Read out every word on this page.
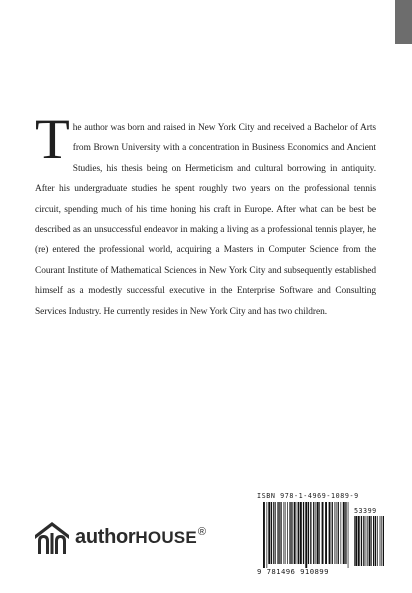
The author was born and raised in New York City and received a Bachelor of Arts from Brown University with a concentration in Business Economics and Ancient Studies, his thesis being on Hermeticism and cultural borrowing in antiquity. After his undergraduate studies he spent roughly two years on the professional tennis circuit, spending much of his time honing his craft in Europe. After what can be best be described as an unsuccessful endeavor in making a living as a professional tennis player, he (re) entered the professional world, acquiring a Masters in Computer Science from the Courant Institute of Mathematical Sciences in New York City and subsequently established himself as a modestly successful executive in the Enterprise Software and Consulting Services Industry. He currently resides in New York City and has two children.
authorHOUSE®
ISBN 978-1-4969-1089-9
53399
9 781496 910899
